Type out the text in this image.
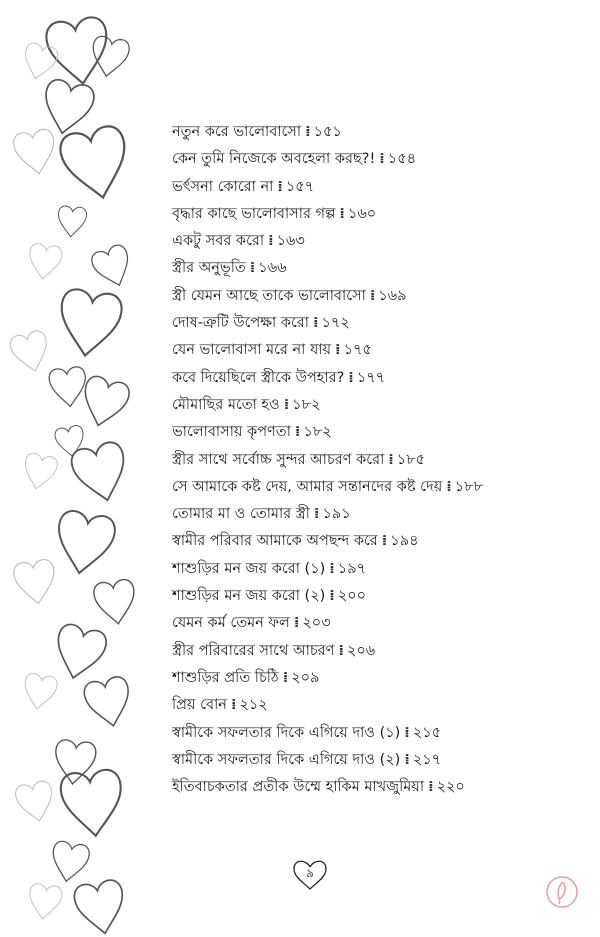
নতুন করে ভালোবাসো ⁞ ১৫১
কেন তুমি নিজেকে অবহেলা করছ?! ⁞ ১৫৪
ভর্ৎসনা কোরো না ⁞ ১৫৭
বৃদ্ধার কাছে ভালোবাসার গল্প ⁞ ১৬০
একটু সবর করো ⁞ ১৬৩
স্ত্রীর অনুভূতি ⁞ ১৬৬
স্ত্রী যেমন আছে তাকে ভালোবাসো ⁞ ১৬৯
দোষ-ত্রুটি উপেক্ষা করো ⁞ ১৭২
যেন ভালোবাসা মরে না যায় ⁞ ১৭৫
কবে দিয়েছিলে স্ত্রীকে উপহার? ⁞ ১৭৭
মৌমাছির মতো হও ⁞ ১৮২
ভালোবাসায় কৃপণতা ⁞ ১৮২
স্ত্রীর সাথে সর্বোচ্চ সুন্দর আচরণ করো ⁞ ১৮৫
সে আমাকে কষ্ট দেয়, আমার সন্তানদের কষ্ট দেয় ⁞ ১৮৮
তোমার মা ও তোমার স্ত্রী ⁞ ১৯১
স্বামীর পরিবার আমাকে অপছন্দ করে ⁞ ১৯৪
শাশুড়ির মন জয় করো (১) ⁞ ১৯৭
শাশুড়ির মন জয় করো (২) ⁞ ২০০
যেমন কর্ম তেমন ফল ⁞ ২০৩
স্ত্রীর পরিবারের সাথে আচরণ ⁞ ২০৬
শাশুড়ির প্রতি চিঠি ⁞ ২০৯
প্রিয় বোন ⁞ ২১২
স্বামীকে সফলতার দিকে এগিয়ে দাও (১) ⁞ ২১৫
স্বামীকে সফলতার দিকে এগিয়ে দাও (২) ⁞ ২১৭
ইতিবাচকতার প্রতীক উম্মে হাকিম মাখজুমিয়া ⁞ ২২০
৯
